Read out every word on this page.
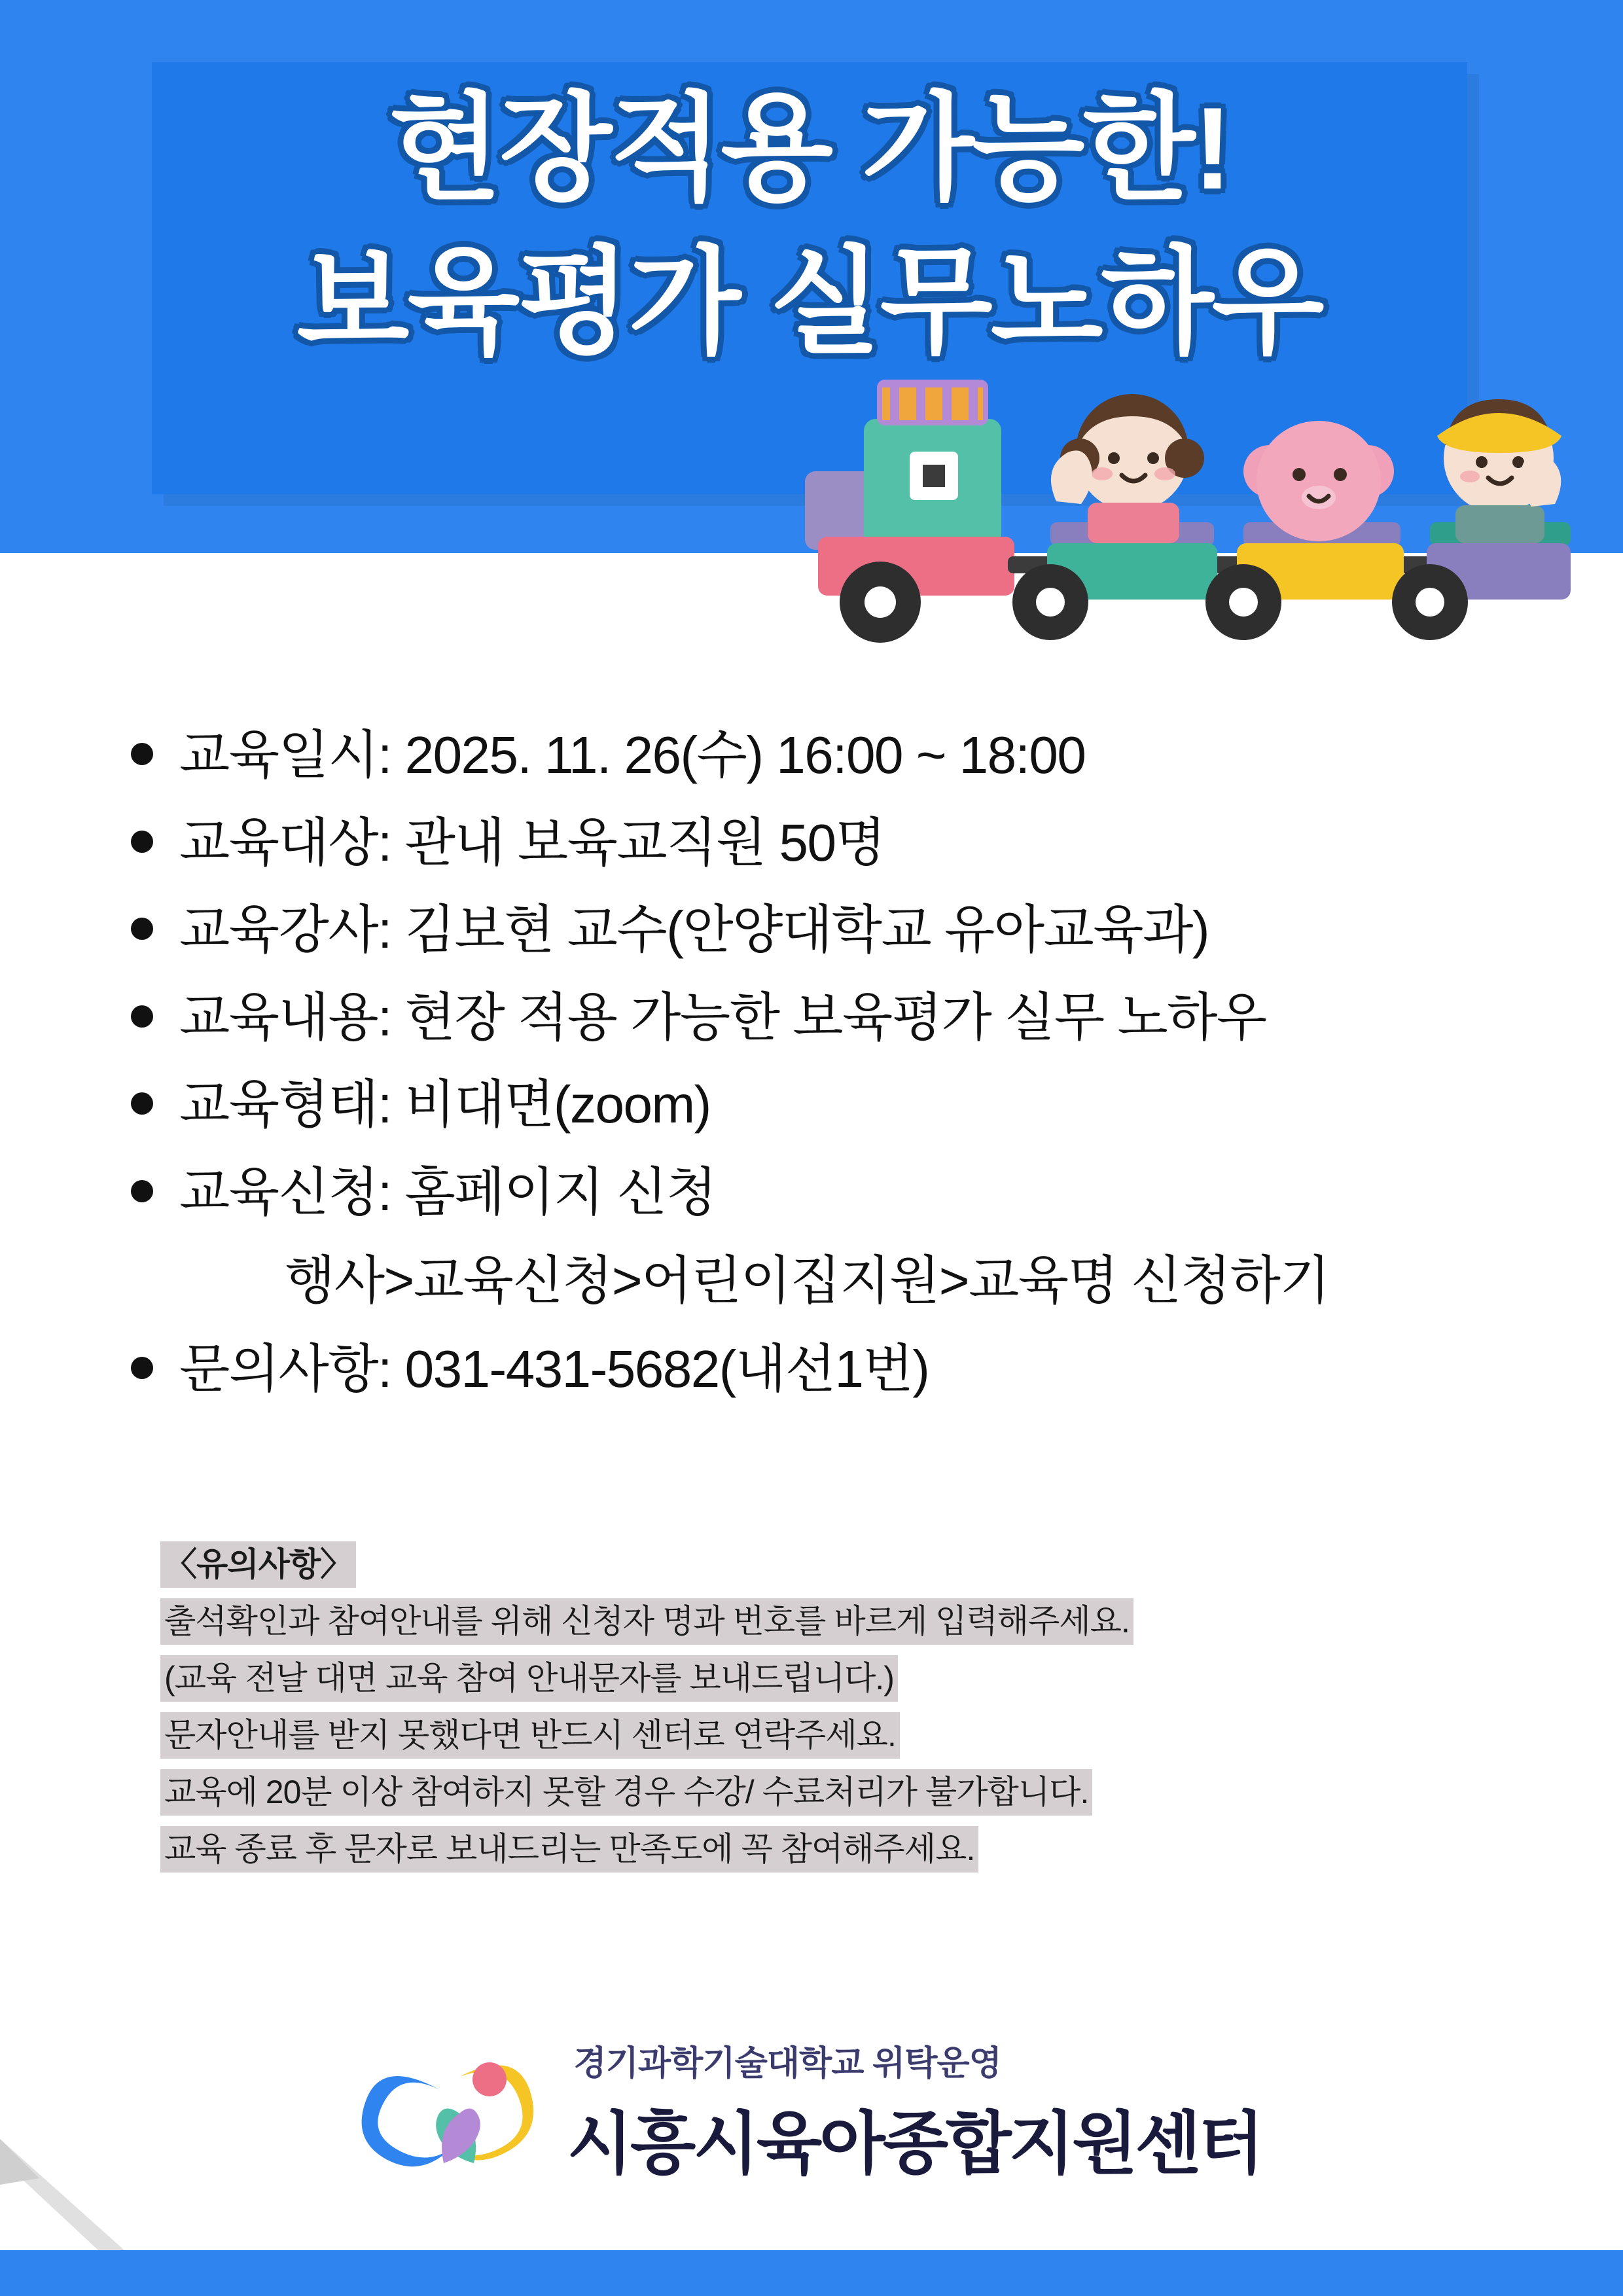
현장적용 가능한!
보육평가 실무노하우
교육일시: 2025. 11. 26(수) 16:00 ~ 18:00
교육대상: 관내 보육교직원 50명
교육강사: 김보현 교수(안양대학교 유아교육과)
교육내용: 현장 적용 가능한 보육평가 실무 노하우
교육형태: 비대면(zoom)
교육신청: 홈페이지 신청
행사>교육신청>어린이집지원>교육명 신청하기
문의사항: 031-431-5682(내선1번)
〈유의사항〉
출석확인과 참여안내를 위해 신청자 명과 번호를 바르게 입력해주세요.
(교육 전날 대면 교육 참여 안내문자를 보내드립니다.)
문자안내를 받지 못했다면 반드시 센터로 연락주세요.
교육에 20분 이상 참여하지 못할 경우 수강/ 수료처리가 불가합니다.
교육 종료 후 문자로 보내드리는 만족도에 꼭 참여해주세요.
경기과학기술대학교 위탁운영
시흥시육아종합지원센터
